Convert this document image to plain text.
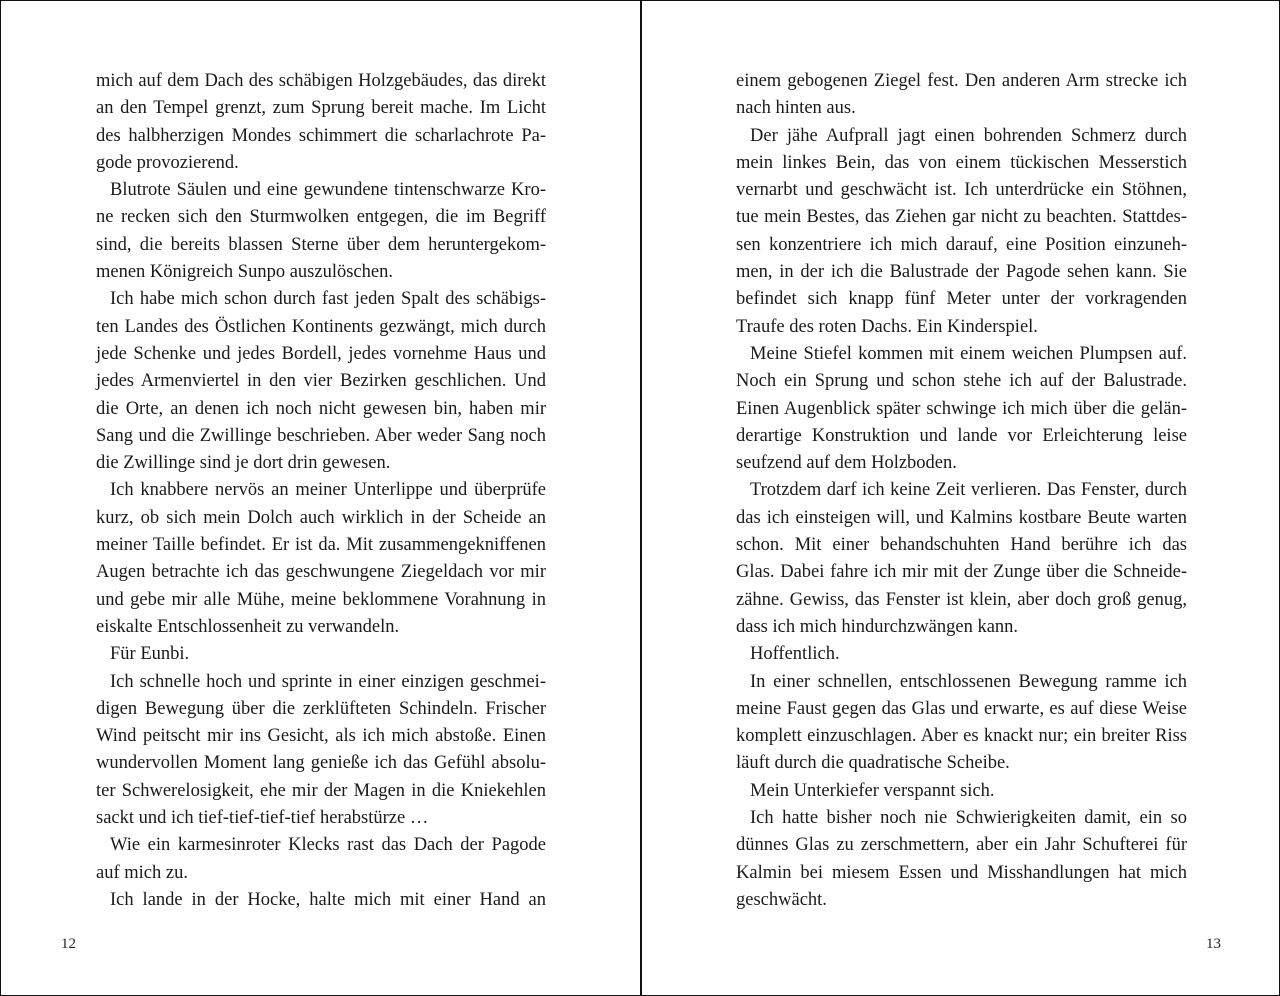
mich auf dem Dach des schäbigen Holzgebäudes, das direkt
an den Tempel grenzt, zum Sprung bereit mache. Im Licht
des halbherzigen Mondes schimmert die scharlachrote Pa-
gode provozierend.
Blutrote Säulen und eine gewundene tintenschwarze Kro-
ne recken sich den Sturmwolken entgegen, die im Begriff
sind, die bereits blassen Sterne über dem heruntergekom-
menen Königreich Sunpo auszulöschen.
Ich habe mich schon durch fast jeden Spalt des schäbigs-
ten Landes des Östlichen Kontinents gezwängt, mich durch
jede Schenke und jedes Bordell, jedes vornehme Haus und
jedes Armenviertel in den vier Bezirken geschlichen. Und
die Orte, an denen ich noch nicht gewesen bin, haben mir
Sang und die Zwillinge beschrieben. Aber weder Sang noch
die Zwillinge sind je dort drin gewesen.
Ich knabbere nervös an meiner Unterlippe und überprüfe
kurz, ob sich mein Dolch auch wirklich in der Scheide an
meiner Taille befindet. Er ist da. Mit zusammengekniffenen
Augen betrachte ich das geschwungene Ziegeldach vor mir
und gebe mir alle Mühe, meine beklommene Vorahnung in
eiskalte Entschlossenheit zu verwandeln.
Für Eunbi.
Ich schnelle hoch und sprinte in einer einzigen geschmei-
digen Bewegung über die zerklüfteten Schindeln. Frischer
Wind peitscht mir ins Gesicht, als ich mich abstoße. Einen
wundervollen Moment lang genieße ich das Gefühl absolu-
ter Schwerelosigkeit, ehe mir der Magen in die Kniekehlen
sackt und ich tief-tief-tief-tief herabstürze …
Wie ein karmesinroter Klecks rast das Dach der Pagode
auf mich zu.
Ich lande in der Hocke, halte mich mit einer Hand an
12
einem gebogenen Ziegel fest. Den anderen Arm strecke ich
nach hinten aus.
Der jähe Aufprall jagt einen bohrenden Schmerz durch
mein linkes Bein, das von einem tückischen Messerstich
vernarbt und geschwächt ist. Ich unterdrücke ein Stöhnen,
tue mein Bestes, das Ziehen gar nicht zu beachten. Stattdes-
sen konzentriere ich mich darauf, eine Position einzuneh-
men, in der ich die Balustrade der Pagode sehen kann. Sie
befindet sich knapp fünf Meter unter der vorkragenden
Traufe des roten Dachs. Ein Kinderspiel.
Meine Stiefel kommen mit einem weichen Plumpsen auf.
Noch ein Sprung und schon stehe ich auf der Balustrade.
Einen Augenblick später schwinge ich mich über die gelän-
derartige Konstruktion und lande vor Erleichterung leise
seufzend auf dem Holzboden.
Trotzdem darf ich keine Zeit verlieren. Das Fenster, durch
das ich einsteigen will, und Kalmins kostbare Beute warten
schon. Mit einer behandschuhten Hand berühre ich das
Glas. Dabei fahre ich mir mit der Zunge über die Schneide-
zähne. Gewiss, das Fenster ist klein, aber doch groß genug,
dass ich mich hindurchzwängen kann.
Hoffentlich.
In einer schnellen, entschlossenen Bewegung ramme ich
meine Faust gegen das Glas und erwarte, es auf diese Weise
komplett einzuschlagen. Aber es knackt nur; ein breiter Riss
läuft durch die quadratische Scheibe.
Mein Unterkiefer verspannt sich.
Ich hatte bisher noch nie Schwierigkeiten damit, ein so
dünnes Glas zu zerschmettern, aber ein Jahr Schufterei für
Kalmin bei miesem Essen und Misshandlungen hat mich
geschwächt.
13
